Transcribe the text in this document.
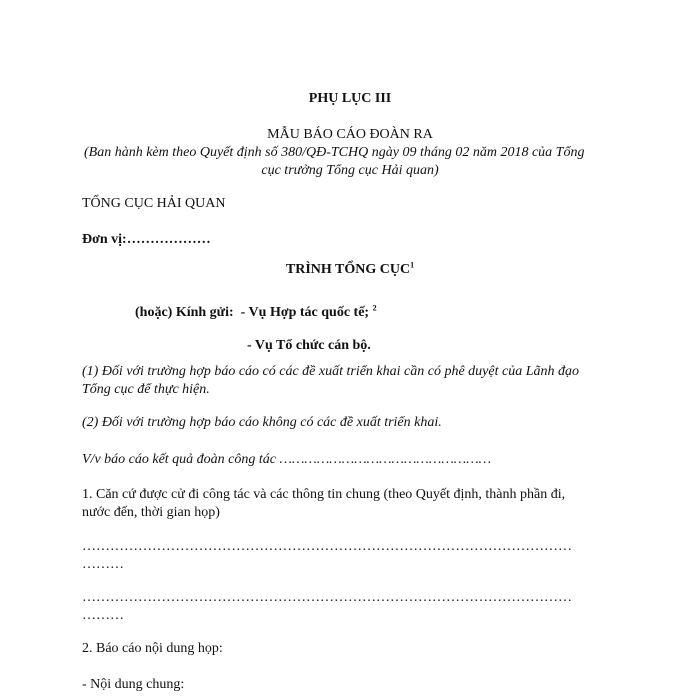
PHỤ LỤC III
MẪU BÁO CÁO ĐOÀN RA
(Ban hành kèm theo Quyết định số 380/QĐ-TCHQ ngày 09 tháng 02 năm 2018 của Tổng
cục trưởng Tổng cục Hải quan)
TỔNG CỤC HẢI QUAN
Đơn vị:………………
TRÌNH TỔNG CỤC$^1$
(hoặc) Kính gửi: - Vụ Hợp tác quốc tế; $^2$
- Vụ Tổ chức cán bộ.
(1) Đối với trường hợp báo cáo có các đề xuất triển khai cần có phê duyệt của Lãnh đạo
Tổng cục để thực hiện.
(2) Đối với trường hợp báo cáo không có các đề xuất triển khai.
V/v báo cáo kết quả đoàn công tác ……………………………………………
1. Căn cứ được cử đi công tác và các thông tin chung (theo Quyết định, thành phần đi,
nước đến, thời gian họp)
……………………………………………………………………………………………
………
……………………………………………………………………………………………
………
2. Báo cáo nội dung họp:
- Nội dung chung:
